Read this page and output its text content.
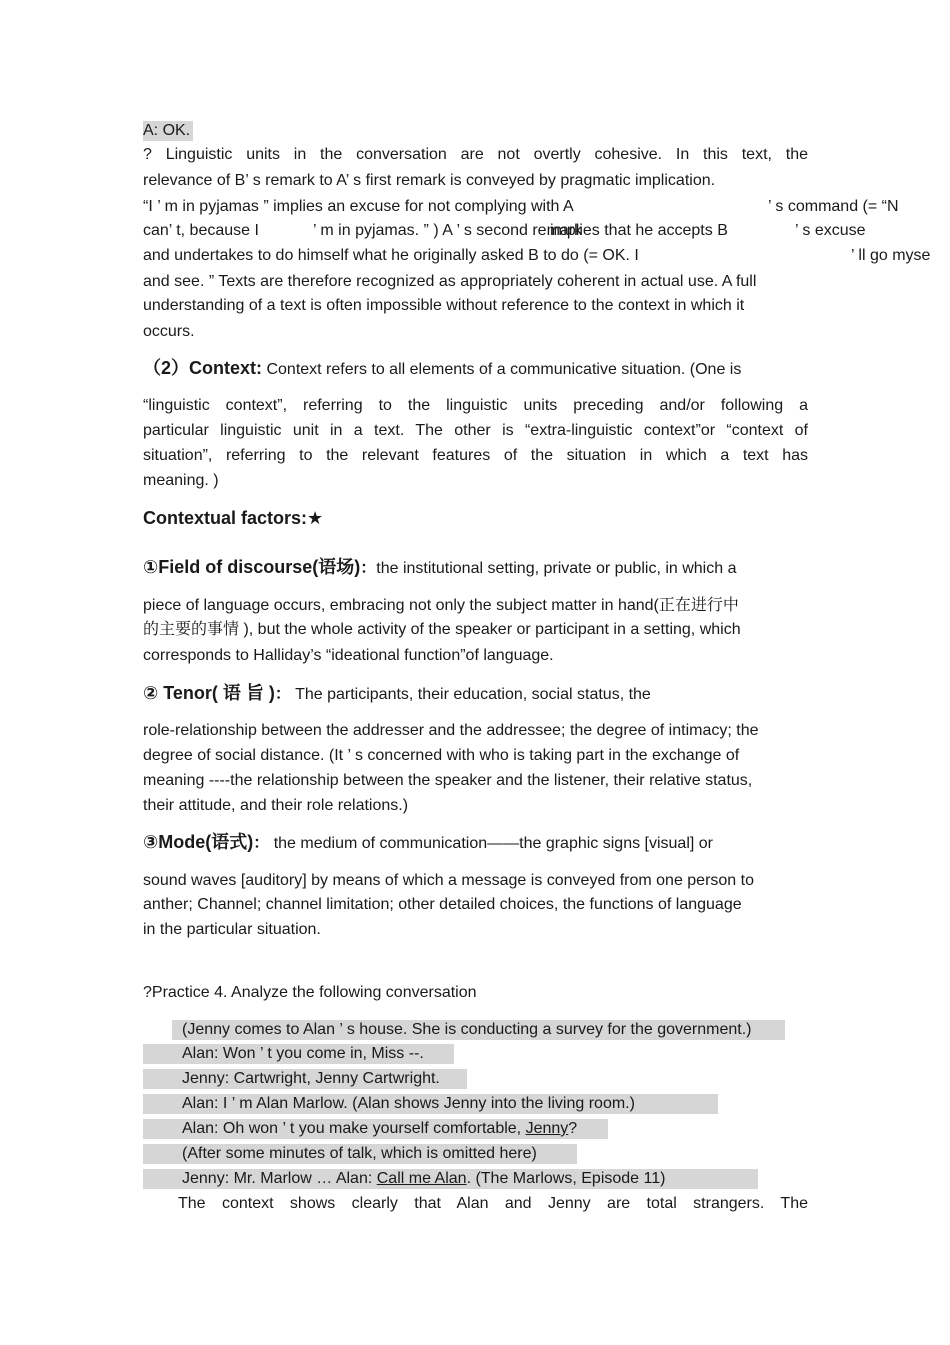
A: OK.
? Linguistic units in the conversation are not overtly cohesive. In this text, the
relevance of B’ s remark to A’ s first remark is conveyed by pragmatic implication.
“I ’ m in pyjamas ” implies an excuse for not complying with A	’ s command (= “N
can’ t, because I	’ m in pyjamas. ” ) A ’ s second remark
implies that he accepts B	’ s excuse
and undertakes to do himself what he originally asked B to do (= OK. I	’ ll go myse
and see. ” Texts are therefore recognized as appropriately coherent in actual use. A full
understanding of a text is often impossible without reference to the context in which it
occurs.
（2）Context: Context refers to all elements of a communicative situation. (One is
“linguistic context”, referring to the linguistic units preceding and/or following a
particular linguistic unit in a text. The other is “extra-linguistic context”or “context of
situation”, referring to the relevant features of the situation in which a text has
meaning. )
Contextual factors:★
①Field of discourse(语场)：the institutional setting, private or public, in which a
piece of language occurs, embracing not only the subject matter in hand(正在进行中
的主要的事情 ), but the whole activity of the speaker or participant in a setting, which
corresponds to Halliday’s “ideational function”of language.
② Tenor( 语 旨 )： The participants, their education, social status, the
role-relationship between the addresser and the addressee; the degree of intimacy; the
degree of social distance. (It ’ s concerned with who is taking part in the exchange of
meaning ----the relationship between the speaker and the listener, their relative status,
their attitude, and their role relations.)
③Mode(语式)： the medium of communication——the graphic signs [visual] or
sound waves [auditory] by means of which a message is conveyed from one person to
anther; Channel; channel limitation; other detailed choices, the functions of language
in the particular situation.
?Practice 4. Analyze the following conversation
(Jenny comes to Alan ’ s house. She is conducting a survey for the government.)
Alan: Won ’ t you come in, Miss --.
Jenny: Cartwright, Jenny Cartwright.
Alan: I ’ m Alan Marlow. (Alan shows Jenny into the living room.)
Alan: Oh won ’ t you make yourself comfortable, Jenny?
(After some minutes of talk, which is omitted here)
Jenny: Mr. Marlow … Alan: Call me Alan. (The Marlows, Episode 11)
The context shows clearly that Alan and Jenny are total strangers. The
